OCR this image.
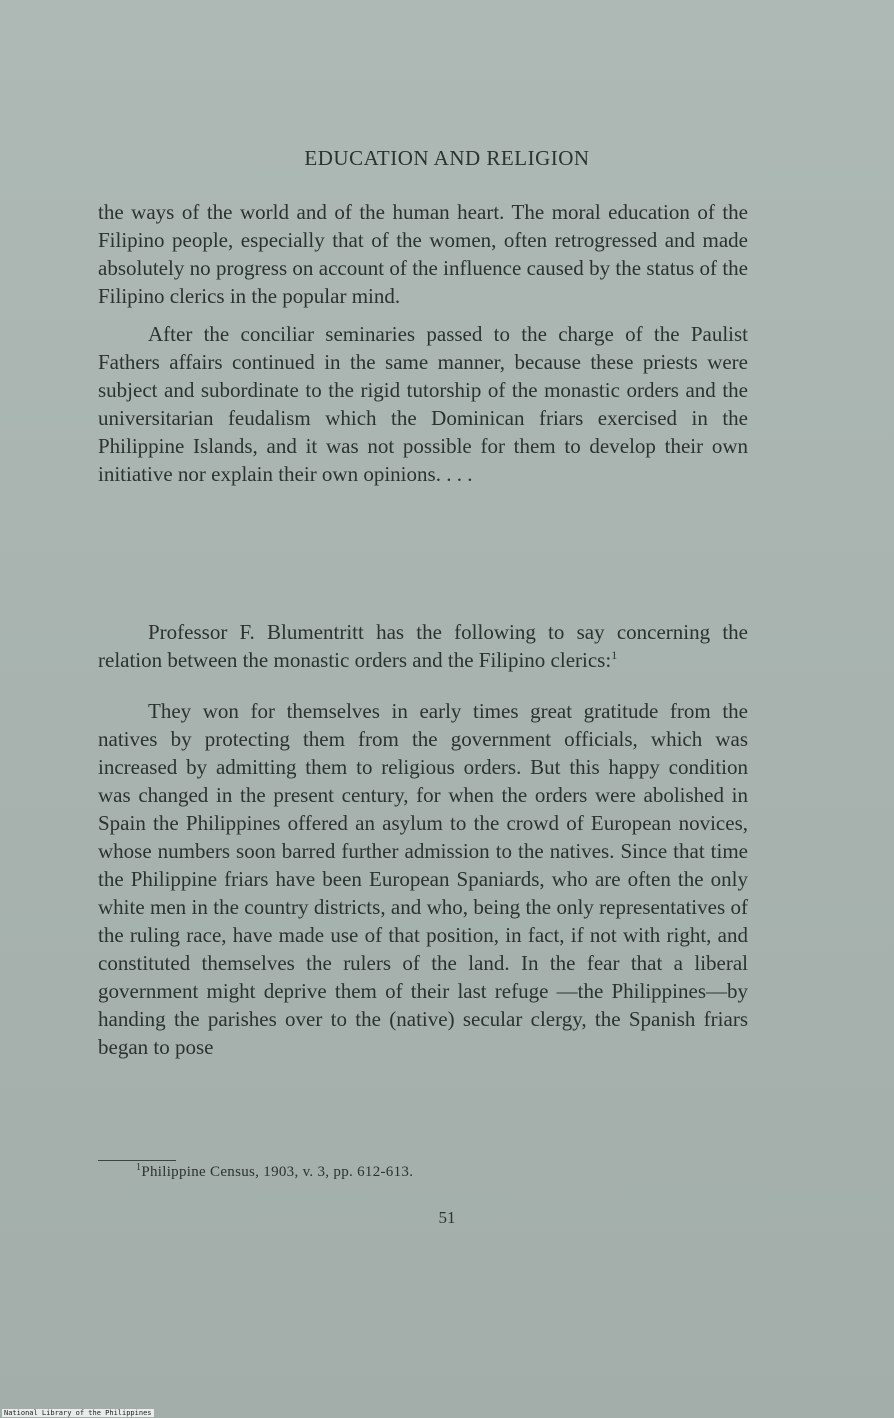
EDUCATION AND RELIGION

the ways of the world and of the human heart. The moral education of the Filipino people, especially that of the women, often retrogressed and made absolutely no progress on account of the influence caused by the status of the Filipino clerics in the popular mind.

After the conciliar seminaries passed to the charge of the Paulist Fathers affairs continued in the same manner, because these priests were subject and subordinate to the rigid tutorship of the monastic orders and the universitarian feudalism which the Dominican friars exercised in the Philippine Islands, and it was not possible for them to develop their own initiative nor explain their own opinions. . . .

Professor F. Blumentritt has the following to say concerning the relation between the monastic orders and the Filipino clerics:$^1$

They won for themselves in early times great gratitude from the natives by protecting them from the government officials, which was increased by admitting them to religious orders. But this happy condition was changed in the present century, for when the orders were abolished in Spain the Philippines offered an asylum to the crowd of European novices, whose numbers soon barred further admission to the natives. Since that time the Philippine friars have been European Spaniards, who are often the only white men in the country districts, and who, being the only representatives of the ruling race, have made use of that position, in fact, if not with right, and constituted themselves the rulers of the land. In the fear that a liberal government might deprive them of their last refuge —the Philippines—by handing the parishes over to the (native) secular clergy, the Spanish friars began to pose

$^1$Philippine Census, 1903, v. 3, pp. 612-613.
51
National Library of the Philippines
